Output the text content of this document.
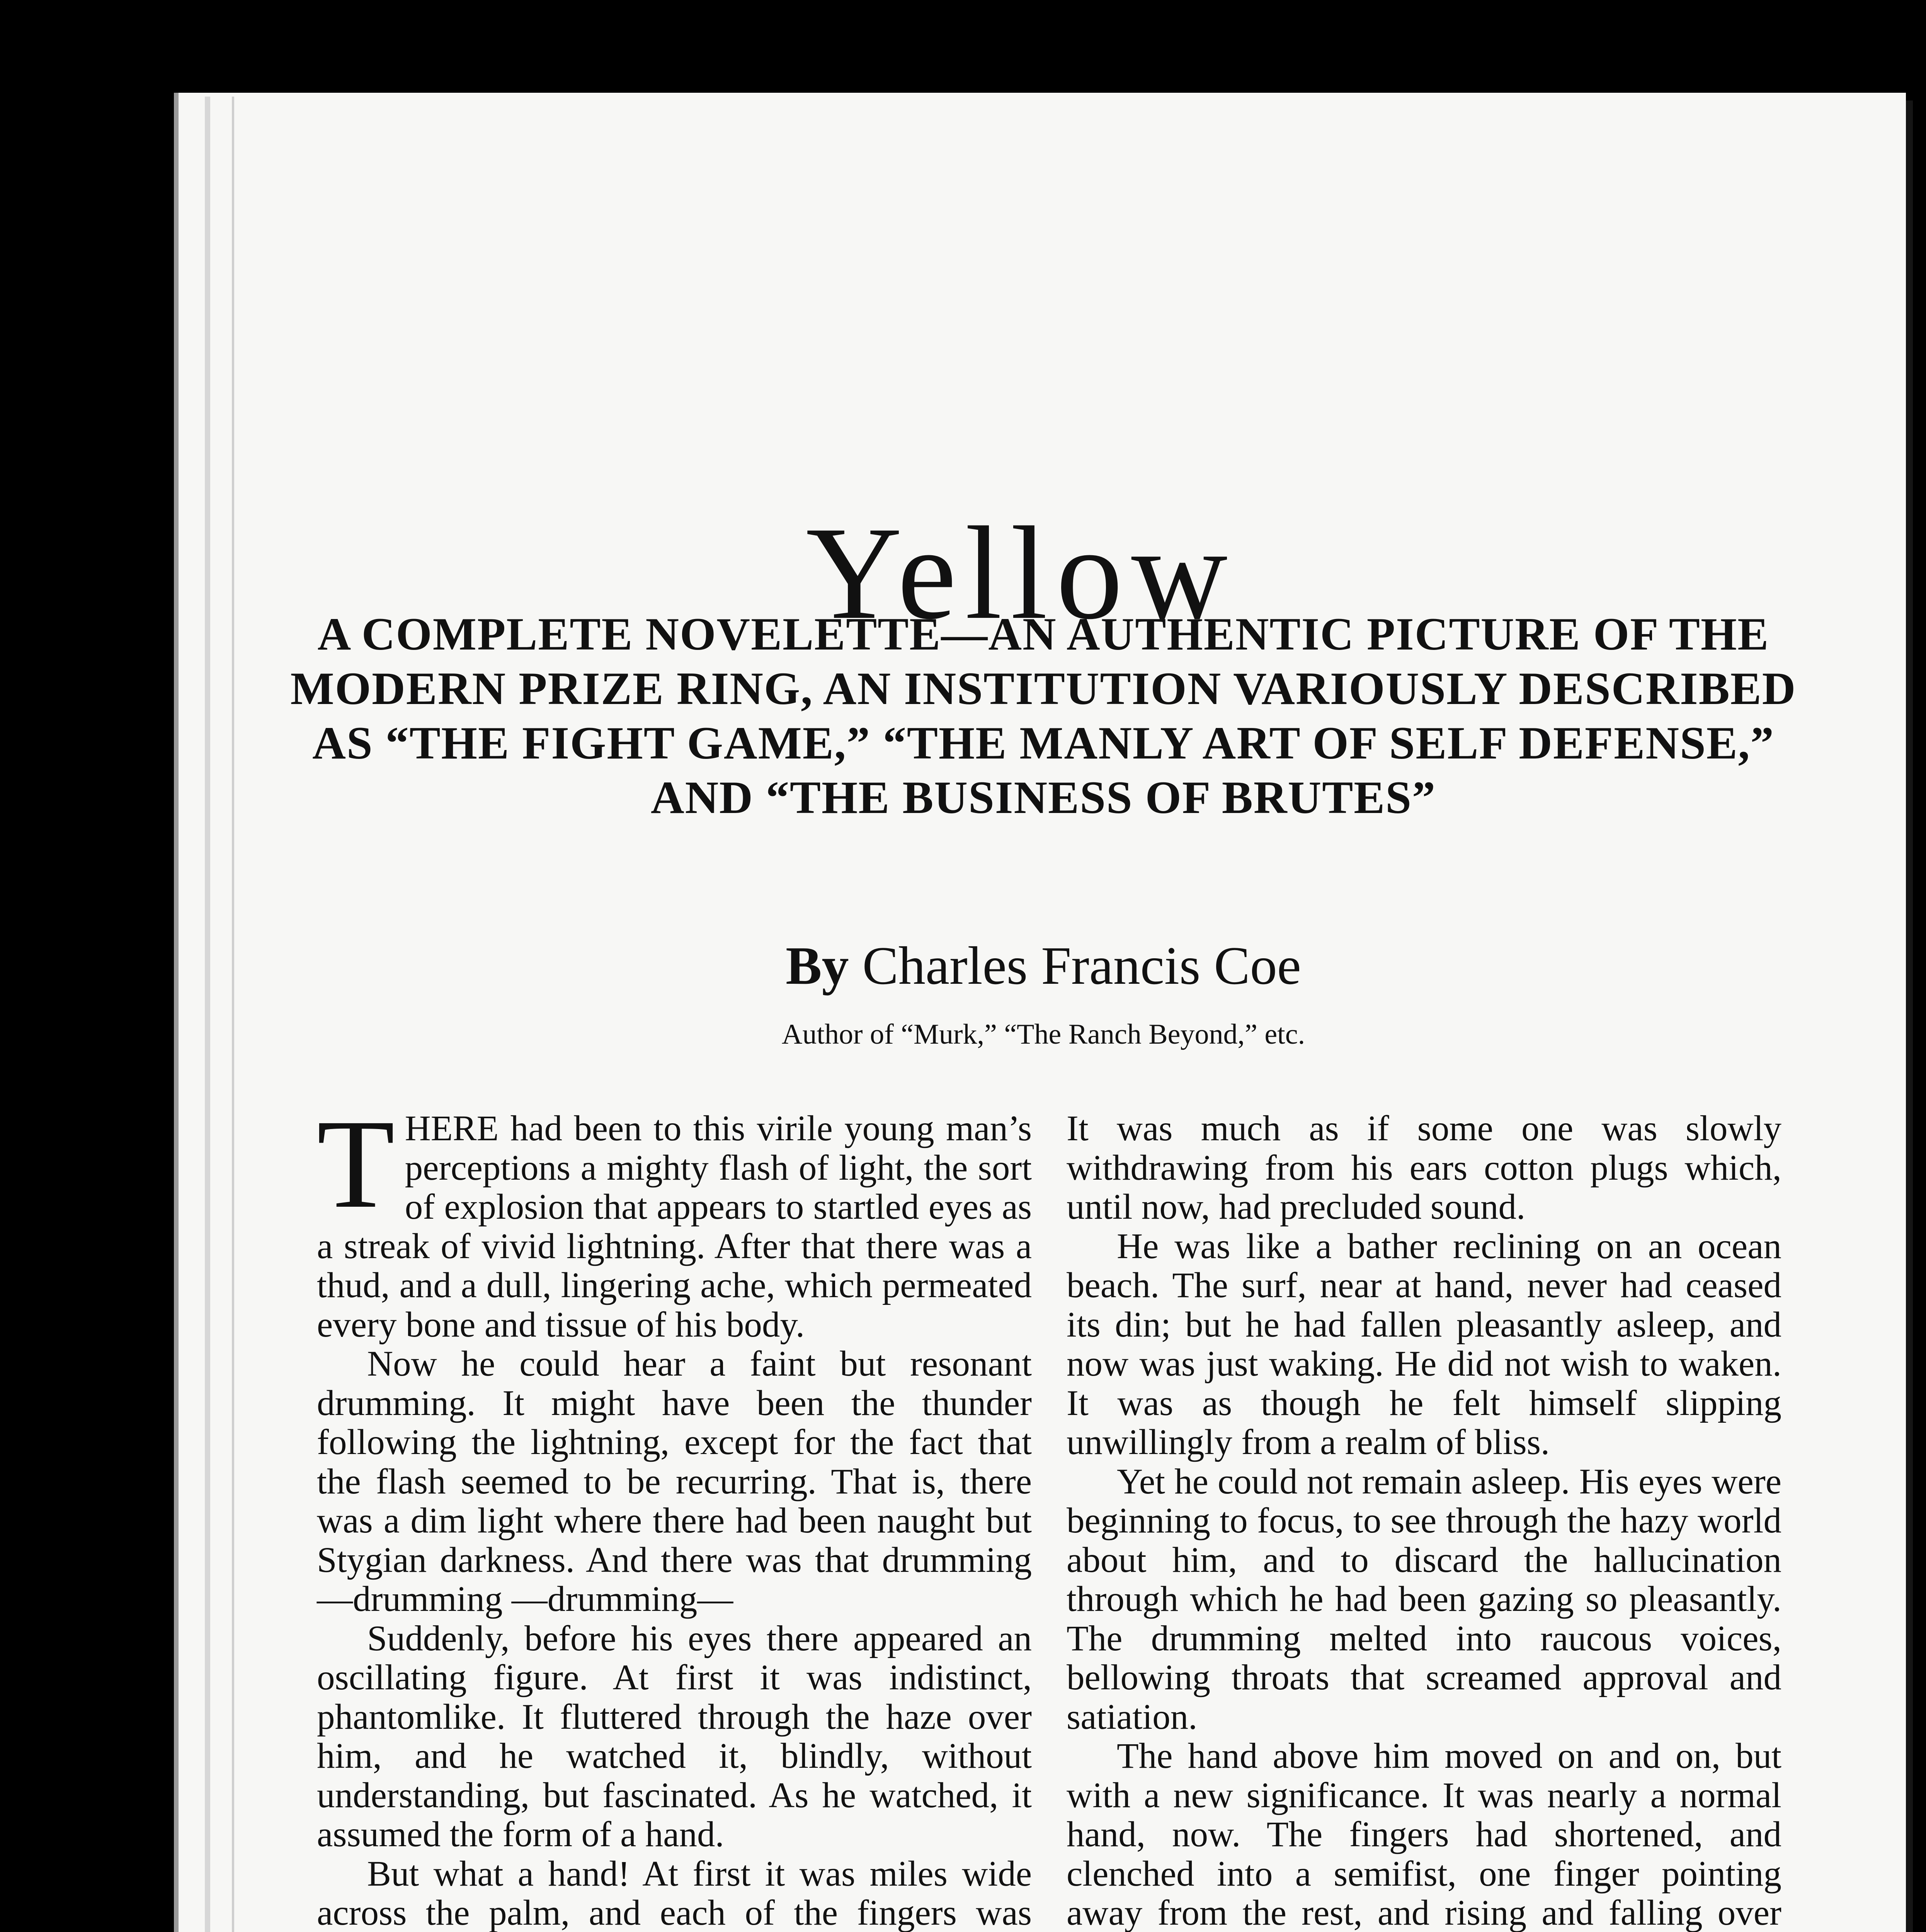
Yellow
A COMPLETE NOVELETTE—AN AUTHENTIC PICTURE OF THE MODERN PRIZE RING, AN INSTITUTION VARIOUSLY DESCRIBED AS “THE FIGHT GAME,” “THE MANLY ART OF SELF DEFENSE,” AND “THE BUSINESS OF BRUTES”
By Charles Francis Coe
Author of “Murk,” “The Ranch Beyond,” etc.

THERE had been to this virile young man’s perceptions a mighty flash of light, the sort of explosion that appears to startled eyes as a streak of vivid lightning. After that there was a thud, and a dull, lingering ache, which permeated every bone and tissue of his body.

Now he could hear a faint but resonant drumming. It might have been the thunder following the lightning, except for the fact that the flash seemed to be recurring. That is, there was a dim light where there had been naught but Stygian darkness. And there was that drumming—drumming —drumming—

Suddenly, before his eyes there appeared an oscillating figure. At first it was indistinct, phantomlike. It fluttered through the haze over him, and he watched it, blindly, without understanding, but fascinated. As he watched, it assumed the form of a hand.

But what a hand! At first it was miles wide across the palm, and each of the fingers was

It was much as if some one was slowly withdrawing from his ears cotton plugs which, until now, had precluded sound.

He was like a bather reclining on an ocean beach. The surf, near at hand, never had ceased its din; but he had fallen pleasantly asleep, and now was just waking. He did not wish to waken. It was as though he felt himself slipping unwillingly from a realm of bliss.

Yet he could not remain asleep. His eyes were beginning to focus, to see through the hazy world about him, and to discard the hallucination through which he had been gazing so pleasantly. The drumming melted into raucous voices, bellowing throats that screamed approval and satiation.

The hand above him moved on and on, but with a new significance. It was nearly a normal hand, now. The fingers had shortened, and clenched into a semifist, one finger pointing away from the rest, and rising and falling over
